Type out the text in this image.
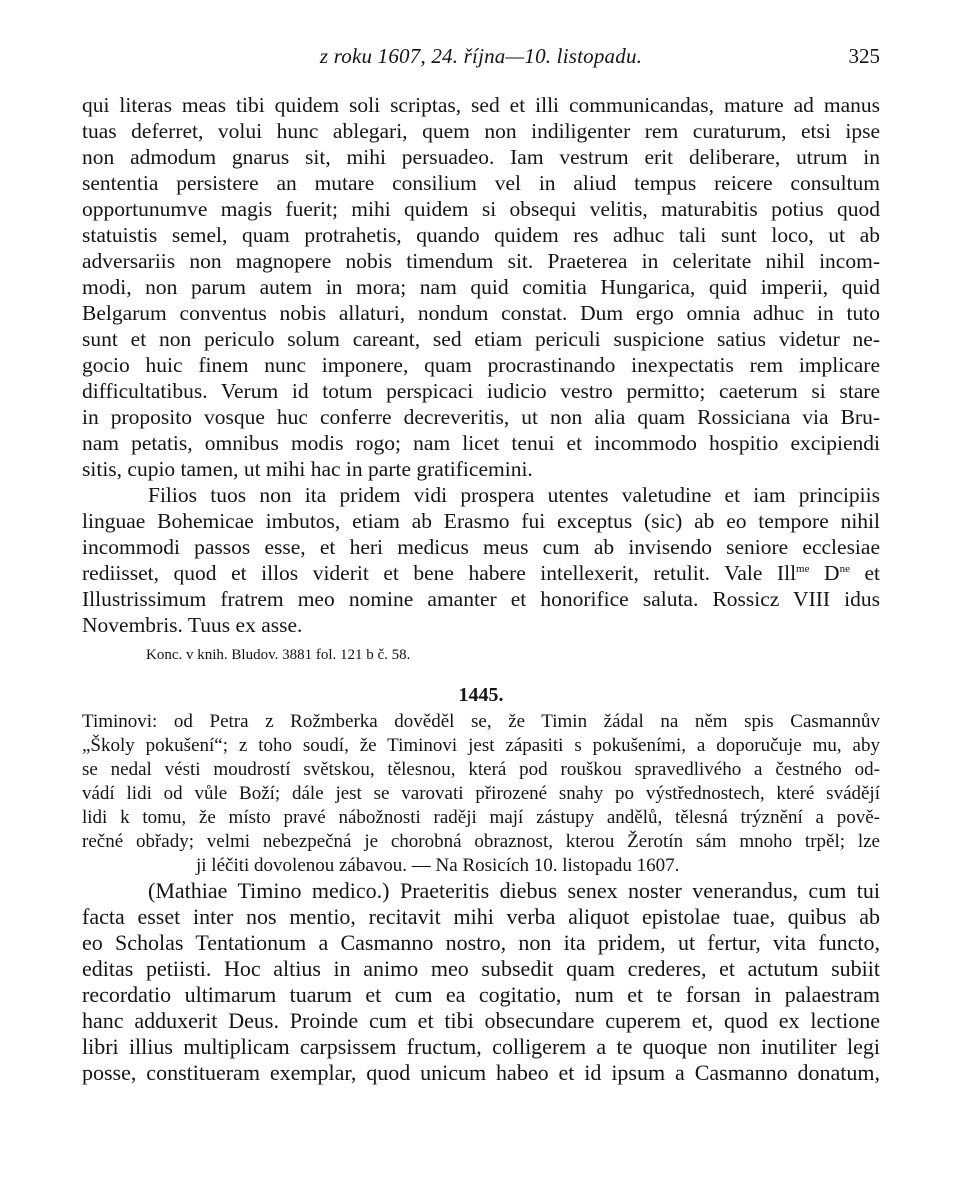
z roku 1607, 24. října—10. listopadu.	325

qui literas meas tibi quidem soli scriptas, sed et illi communicandas, mature ad manus
tuas deferret, volui hunc ablegari, quem non indiligenter rem curaturum, etsi ipse
non admodum gnarus sit, mihi persuadeo. Iam vestrum erit deliberare, utrum in
sententia persistere an mutare consilium vel in aliud tempus reicere consultum
opportunumve magis fuerit; mihi quidem si obsequi velitis, maturabitis potius quod
statuistis semel, quam protrahetis, quando quidem res adhuc tali sunt loco, ut ab
adversariis non magnopere nobis timendum sit. Praeterea in celeritate nihil incom-
modi, non parum autem in mora; nam quid comitia Hungarica, quid imperii, quid
Belgarum conventus nobis allaturi, nondum constat. Dum ergo omnia adhuc in tuto
sunt et non periculo solum careant, sed etiam periculi suspicione satius videtur ne-
gocio huic finem nunc imponere, quam procrastinando inexpectatis rem implicare
difficultatibus. Verum id totum perspicaci iudicio vestro permitto; caeterum si stare
in proposito vosque huc conferre decreveritis, ut non alia quam Rossiciana via Bru-
nam petatis, omnibus modis rogo; nam licet tenui et incommodo hospitio excipiendi
sitis, cupio tamen, ut mihi hac in parte gratificemini.

Filios tuos non ita pridem vidi prospera utentes valetudine et iam principiis
linguae Bohemicae imbutos, etiam ab Erasmo fui exceptus (sic) ab eo tempore nihil
incommodi passos esse, et heri medicus meus cum ab invisendo seniore ecclesiae
rediisset, quod et illos viderit et bene habere intellexerit, retulit. Vale Ill$^{me}$ $D^{ne}$ et
Illustrissimum fratrem meo nomine amanter et honorifice saluta. Rossicz VIII idus
Novembris. Tuus ex asse.

Konc. v knih. Bludov. 3881 fol. 121 b č. 58.
1445.
Timinovi: od Petra z Rožmberka dověděl se, že Timin žádal na něm spis Casmannův
„Školy pokušení“; z toho soudí, že Timinovi jest zápasiti s pokušeními, a doporučuje mu, aby
se nedal vésti moudrostí světskou, tělesnou, která pod rouškou spravedlivého a čestného od-
vádí lidi od vůle Boží; dále jest se varovati přirozené snahy po výstřednostech, které svádějí
lidi k tomu, že místo pravé nábožnosti raději mají zástupy andělů, tělesná trýznění a pově-
rečné obřady; velmi nebezpečná je chorobná obraznost, kterou Žerotín sám mnoho trpěl; lze
ji léčiti dovolenou zábavou. — Na Rosicích 10. listopadu 1607.

(Mathiae Timino medico.) Praeteritis diebus senex noster venerandus, cum tui
facta esset inter nos mentio, recitavit mihi verba aliquot epistolae tuae, quibus ab
eo Scholas Tentationum a Casmanno nostro, non ita pridem, ut fertur, vita functo,
editas petiisti. Hoc altius in animo meo subsedit quam crederes, et actutum subiit
recordatio ultimarum tuarum et cum ea cogitatio, num et te forsan in palaestram
hanc adduxerit Deus. Proinde cum et tibi obsecundare cuperem et, quod ex lectione
libri illius multiplicam carpsissem fructum, colligerem a te quoque non inutiliter legi
posse, constitueram exemplar, quod unicum habeo et id ipsum a Casmanno donatum,
